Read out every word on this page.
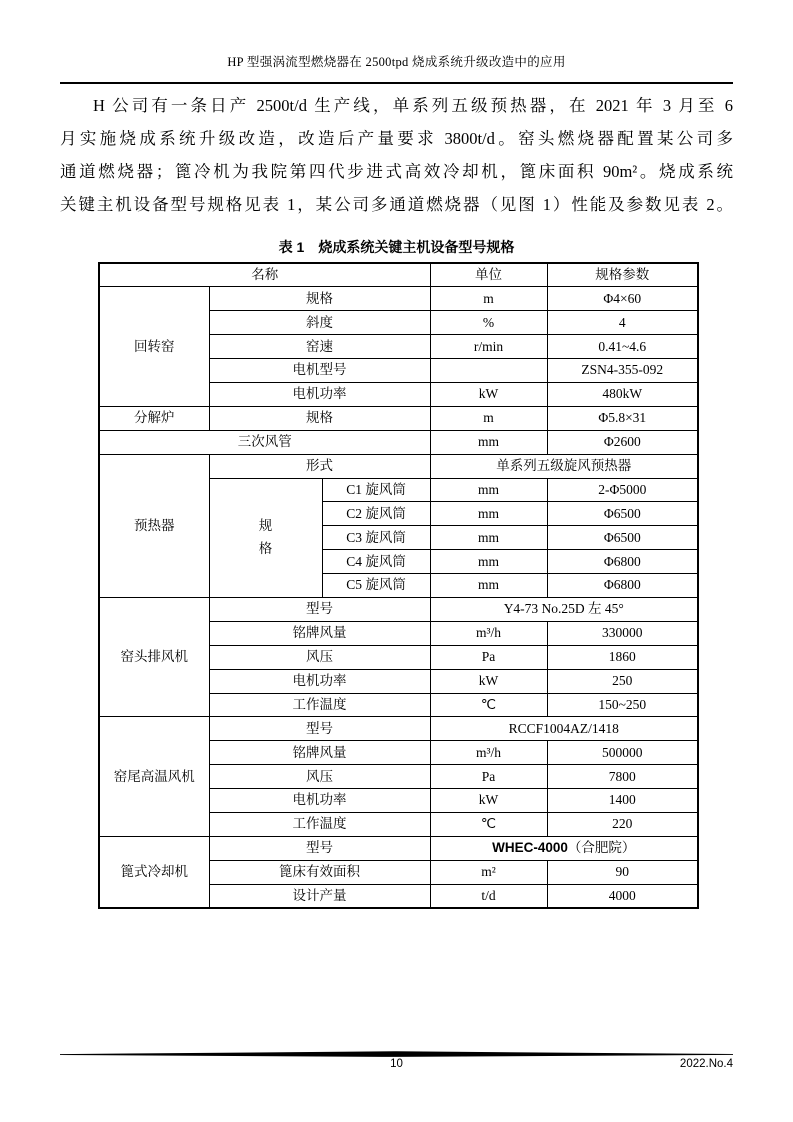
HP 型强涡流型燃烧器在 2500tpd 烧成系统升级改造中的应用
H 公司有一条日产 2500t/d 生产线，单系列五级预热器，在 2021 年 3 月至 6
月实施烧成系统升级改造，改造后产量要求 3800t/d。窑头燃烧器配置某公司多
通道燃烧器；篦冷机为我院第四代步进式高效冷却机，篦床面积 90m²。烧成系统
关键主机设备型号规格见表 1，某公司多通道燃烧器（见图 1）性能及参数见表 2。
表 1　烧成系统关键主机设备型号规格
名称			单位	规格参数
回转窑	规格		m	Φ4×60
	斜度		%	4
	窑速		r/min	0.41~4.6
	电机型号			ZSN4-355-092
	电机功率		kW	480kW
分解炉	规格		m	Φ5.8×31
三次风管			mm	Φ2600
预热器	形式		单系列五级旋风预热器	
	规格	C1 旋风筒	mm	2-Φ5000
		C2 旋风筒	mm	Φ6500
		C3 旋风筒	mm	Φ6500
		C4 旋风筒	mm	Φ6800
		C5 旋风筒	mm	Φ6800
窑头排风机	型号		Y4-73 No.25D 左 45°	
	铭牌风量		m³/h	330000
	风压		Pa	1860
	电机功率		kW	250
	工作温度		℃	150~250
窑尾高温风机	型号		RCCF1004AZ/1418	
	铭牌风量		m³/h	500000
	风压		Pa	7800
	电机功率		kW	1400
	工作温度		℃	220
篦式冷却机	型号		WHEC-4000（合肥院）	
	篦床有效面积		m²	90
	设计产量		t/d	4000
10	2022.No.4
